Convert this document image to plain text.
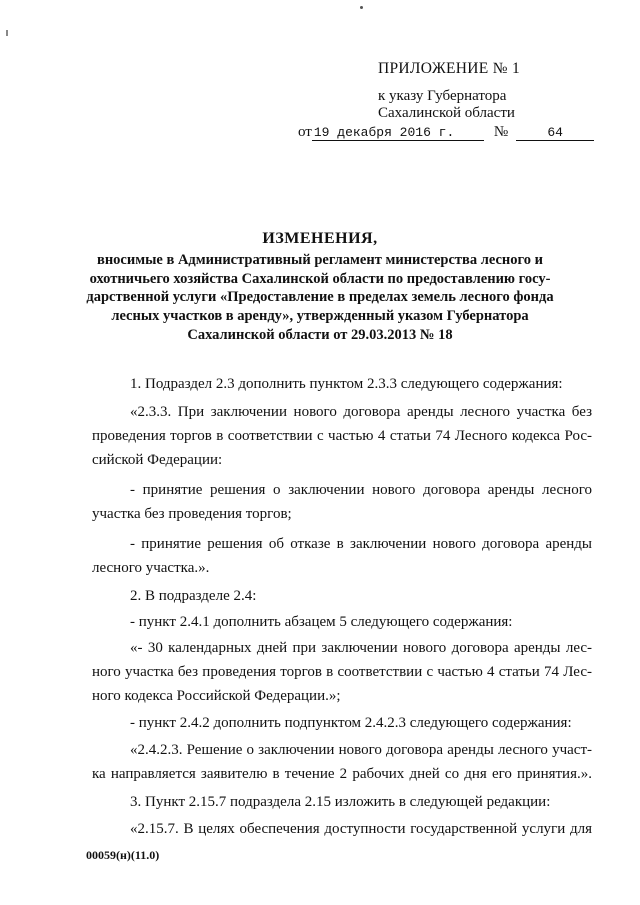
ПРИЛОЖЕНИЕ № 1
к указу Губернатора
Сахалинской области
от 19 декабря 2016 г.	№	64
ИЗМЕНЕНИЯ,
вносимые в Административный регламент министерства лесного и
охотничьего хозяйства Сахалинской области по предоставлению госу-
дарственной услуги «Предоставление в пределах земель лесного фонда
лесных участков в аренду», утвержденный указом Губернатора
Сахалинской области от 29.03.2013 № 18
1. Подраздел 2.3 дополнить пунктом 2.3.3 следующего содержания:
«2.3.3. При заключении нового договора аренды лесного участка без
проведения торгов в соответствии с частью 4 статьи 74 Лесного кодекса Рос-
сийской Федерации:
- принятие решения о заключении нового договора аренды лесного
участка без проведения торгов;
- принятие решения об отказе в заключении нового договора аренды
лесного участка.».
2. В подразделе 2.4:
- пункт 2.4.1 дополнить абзацем 5 следующего содержания:
«- 30 календарных дней при заключении нового договора аренды лес-
ного участка без проведения торгов в соответствии с частью 4 статьи 74 Лес-
ного кодекса Российской Федерации.»;
- пункт 2.4.2 дополнить подпунктом 2.4.2.3 следующего содержания:
«2.4.2.3. Решение о заключении нового договора аренды лесного участ-
ка направляется заявителю в течение 2 рабочих дней со дня его принятия.».
3. Пункт 2.15.7 подраздела 2.15 изложить в следующей редакции:
«2.15.7. В целях обеспечения доступности государственной услуги для
00059(н)(11.0)
